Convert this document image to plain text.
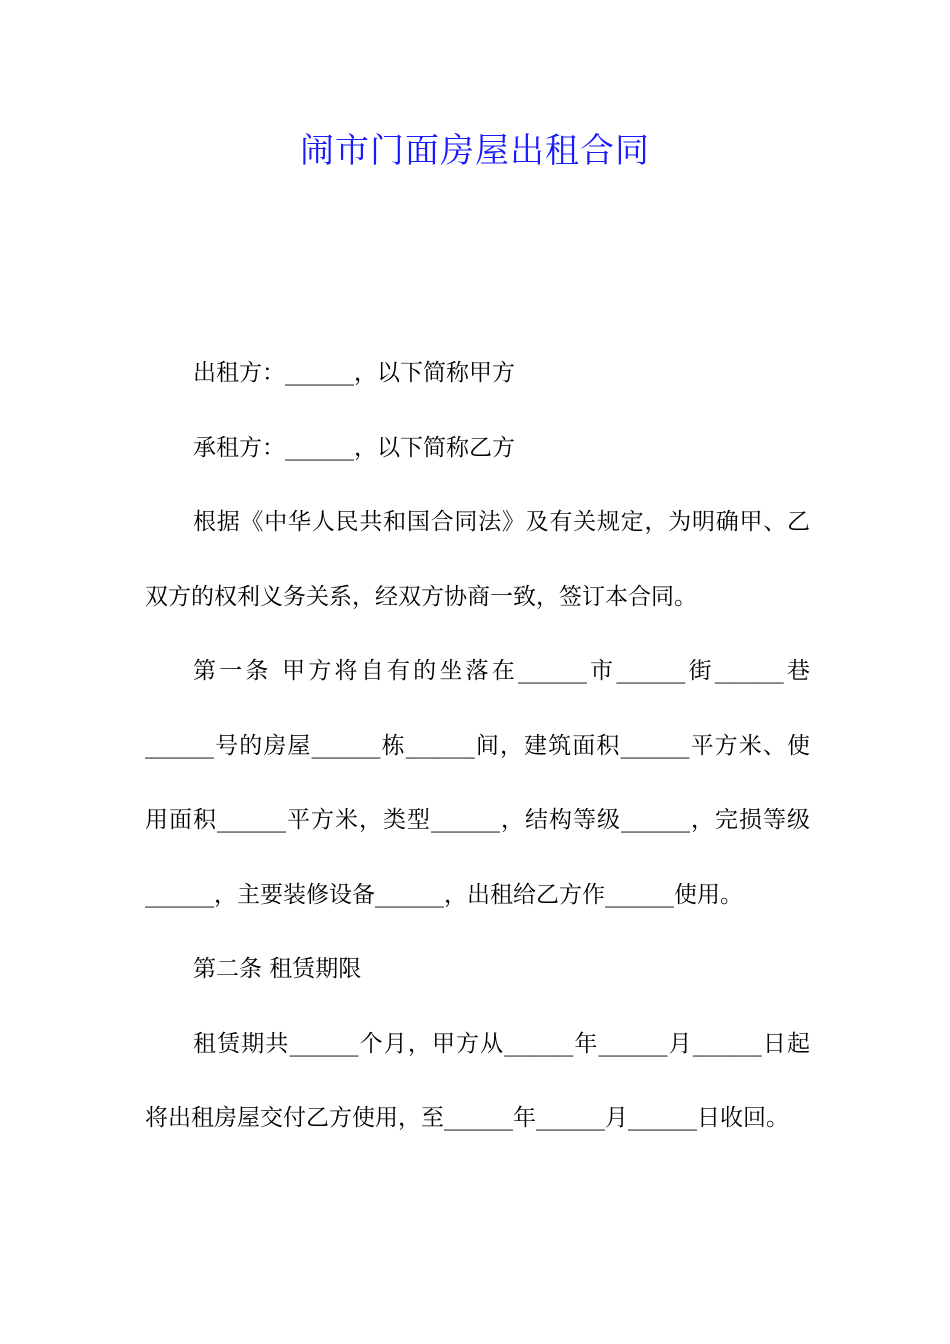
闹市门面房屋出租合同

出租方：______，以下简称甲方

承租方：______，以下简称乙方

根据《中华人民共和国合同法》及有关规定，为明确甲、乙双方的权利义务关系，经双方协商一致，签订本合同。

第一条 甲方将自有的坐落在______市______街______巷______号的房屋______栋______间，建筑面积______平方米、使用面积______平方米，类型______，结构等级______，完损等级______，主要装修设备______，出租给乙方作______使用。

第二条 租赁期限

租赁期共______个月，甲方从______年______月______日起将出租房屋交付乙方使用，至______年______月______日收回。
